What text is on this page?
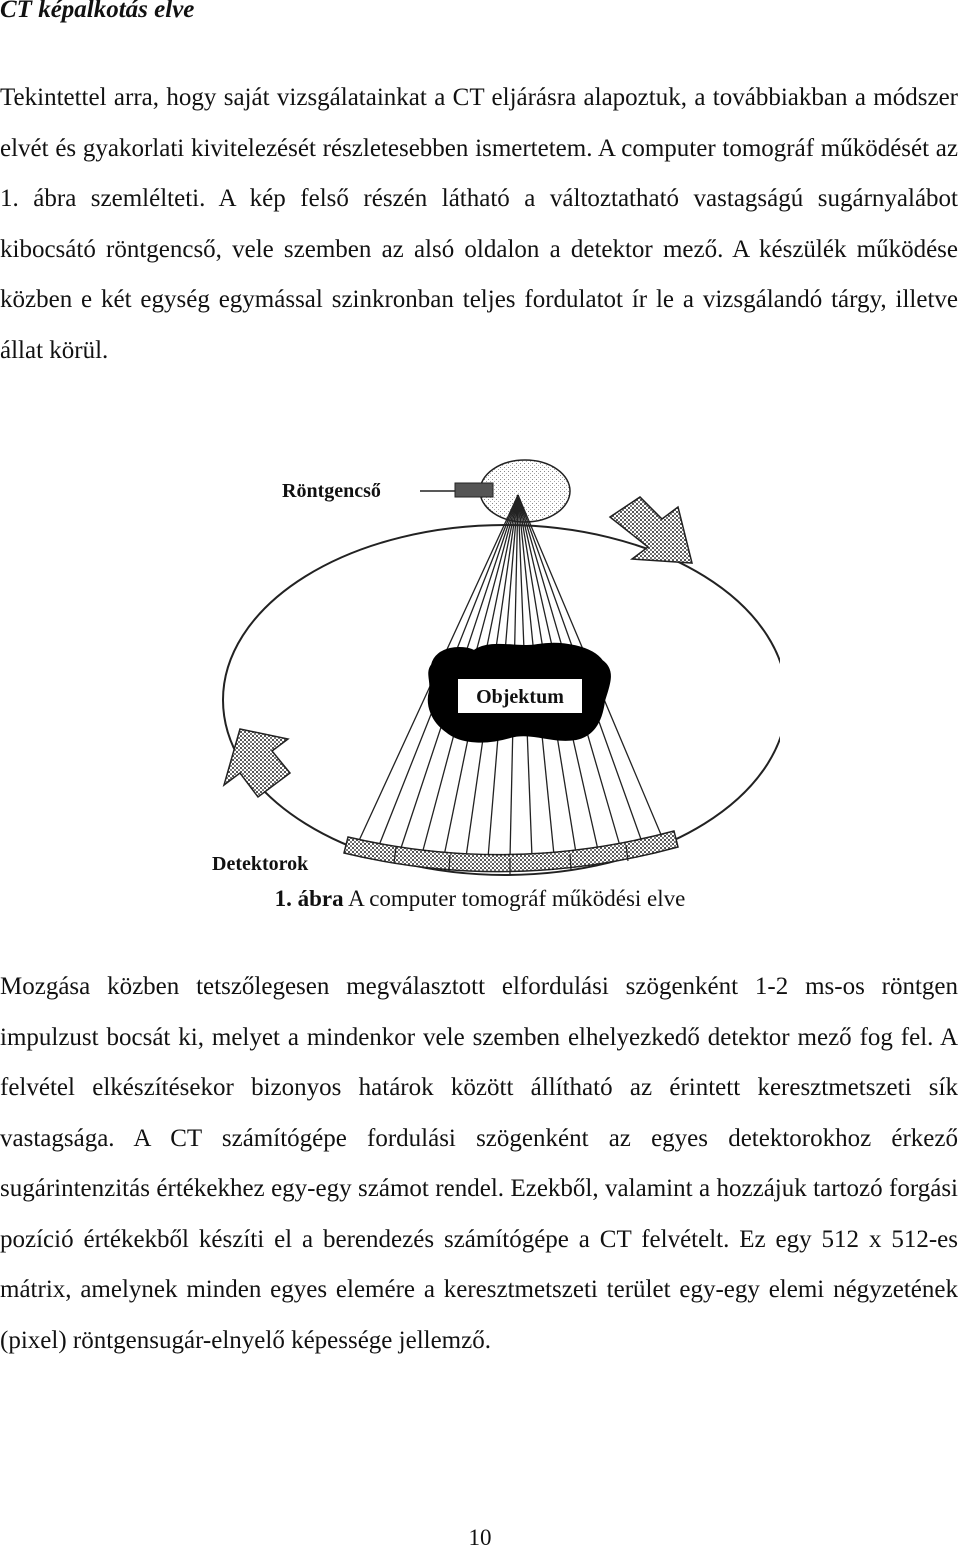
CT képalkotás elve

Tekintettel arra, hogy saját vizsgálatainkat a CT eljárásra alapoztuk, a továbbiakban a módszer elvét és gyakorlati kivitelezését részletesebben ismertetem. A computer tomográf működését az 1. ábra szemlélteti. A kép felső részén látható a változtatható vastagságú sugárnyalábot kibocsátó röntgencső, vele szemben az alsó oldalon a detektor mező. A készülék működése közben e két egység egymással szinkronban teljes fordulatot ír le a vizsgálandó tárgy, illetve állat körül.

Objektum
Röntgencső
Detektorok
1. ábra A computer tomográf működési elve

Mozgása közben tetszőlegesen megválasztott elfordulási szögenként 1-2 ms-os röntgen impulzust bocsát ki, melyet a mindenkor vele szemben elhelyezkedő detektor mező fog fel. A felvétel elkészítésekor bizonyos határok között állítható az érintett keresztmetszeti sík vastagsága. A CT számítógépe fordulási szögenként az egyes detektorokhoz érkező sugárintenzitás értékekhez egy-egy számot rendel. Ezekből, valamint a hozzájuk tartozó forgási pozíció értékekből készíti el a berendezés számítógépe a CT felvételt. Ez egy 512 x 512-es mátrix, amelynek minden egyes elemére a keresztmetszeti terület egy-egy elemi négyzetének (pixel) röntgensugár-elnyelő képessége jellemző.

10
